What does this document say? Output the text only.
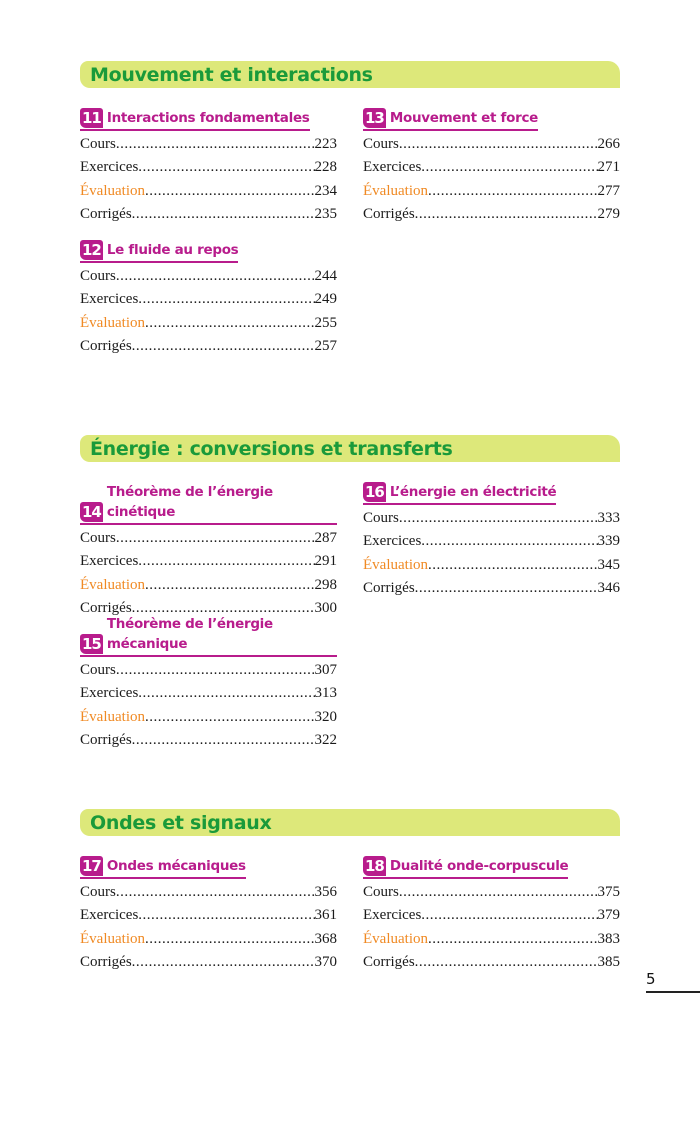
Mouvement et interactions
11 Interactions fondamentales
Cours .....	223
Exercices .....	228
Évaluation .....	234
Corrigés .....	235
12 Le fluide au repos
Cours .....	244
Exercices .....	249
Évaluation .....	255
Corrigés .....	257
13 Mouvement et force
Cours .....	266
Exercices .....	271
Évaluation .....	277
Corrigés .....	279
Énergie : conversions et transferts
14
Théorème de l’énergie cinétique
Cours .....	287
Exercices .....	291
Évaluation .....	298
Corrigés .....	300
15
Théorème de l’énergie mécanique
Cours .....	307
Exercices .....	313
Évaluation .....	320
Corrigés .....	322
16 L’énergie en électricité
Cours .....	333
Exercices .....	339
Évaluation .....	345
Corrigés .....	346
Ondes et signaux
17 Ondes mécaniques
Cours .....	356
Exercices .....	361
Évaluation .....	368
Corrigés .....	370
18 Dualité onde-corpuscule
Cours .....	375
Exercices .....	379
Évaluation .....	383
Corrigés .....	385
5
